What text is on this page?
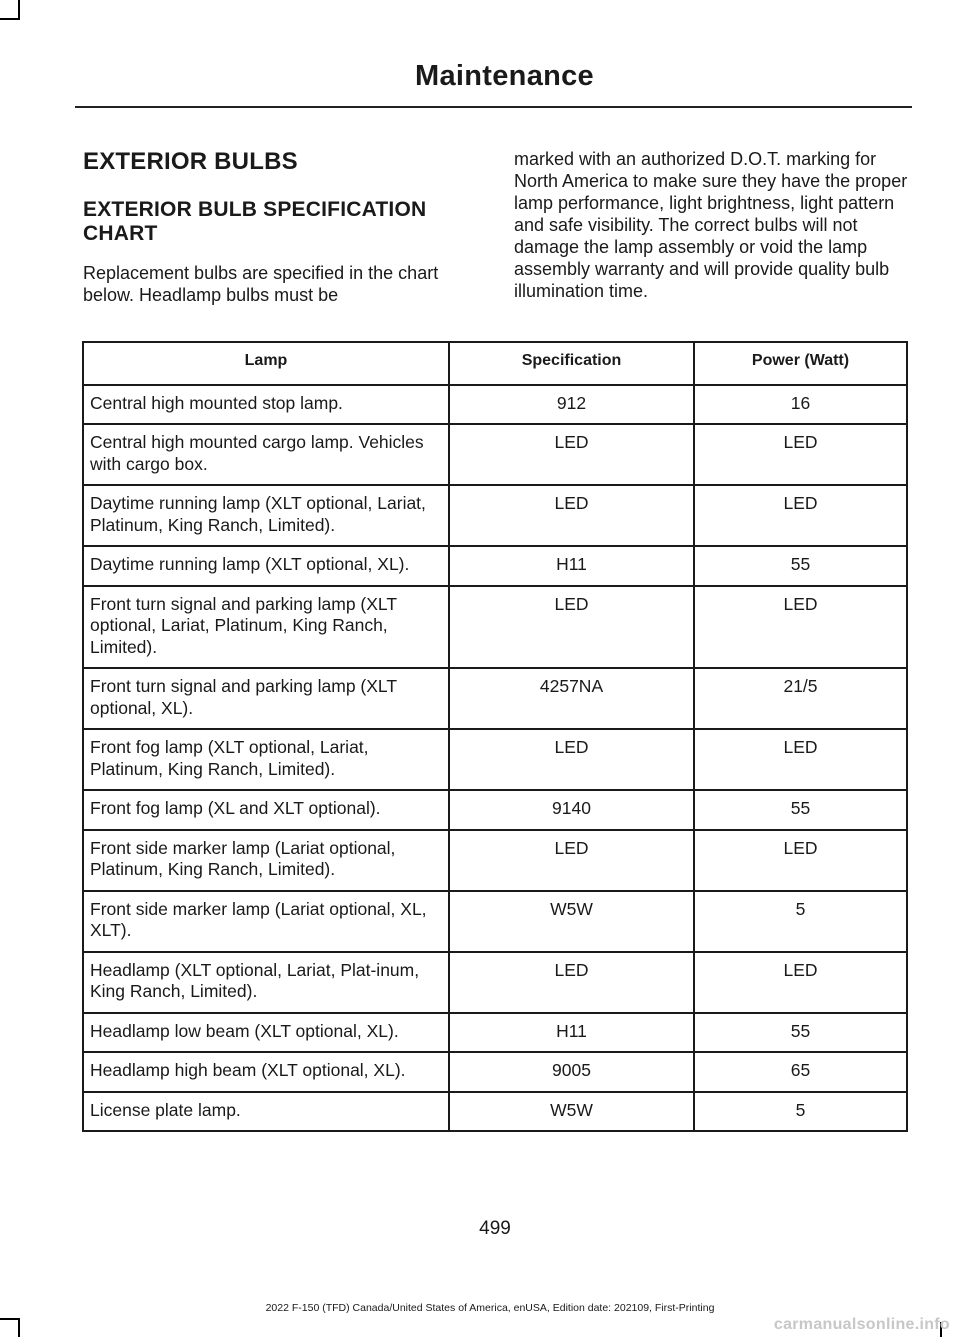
Maintenance
EXTERIOR BULBS
EXTERIOR BULB SPECIFICATION CHART

Replacement bulbs are specified in the chart below. Headlamp bulbs must be

marked with an authorized D.O.T. marking for North America to make sure they have the proper lamp performance, light brightness, light pattern and safe visibility. The correct bulbs will not damage the lamp assembly or void the lamp assembly warranty and will provide quality bulb illumination time.

Lamp	Specification	Power (Watt)
Central high mounted stop lamp.	912	16
Central high mounted cargo lamp. Vehicles with cargo box.	LED	LED
Daytime running lamp (XLT optional, Lariat, Platinum, King Ranch, Limited).	LED	LED
Daytime running lamp (XLT optional, XL).	H11	55
Front turn signal and parking lamp (XLT optional, Lariat, Platinum, King Ranch, Limited).	LED	LED
Front turn signal and parking lamp (XLT optional, XL).	4257NA	21/5
Front fog lamp (XLT optional, Lariat, Platinum, King Ranch, Limited).	LED	LED
Front fog lamp (XL and XLT optional).	9140	55
Front side marker lamp (Lariat optional, Platinum, King Ranch, Limited).	LED	LED
Front side marker lamp (Lariat optional, XL, XLT).	W5W	5
Headlamp (XLT optional, Lariat, Plat-inum, King Ranch, Limited).	LED	LED
Headlamp low beam (XLT optional, XL).	H11	55
Headlamp high beam (XLT optional, XL).	9005	65
License plate lamp.	W5W	5
499
2022 F-150 (TFD) Canada/United States of America, enUSA, Edition date: 202109, First-Printing
carmanualsonline.info
